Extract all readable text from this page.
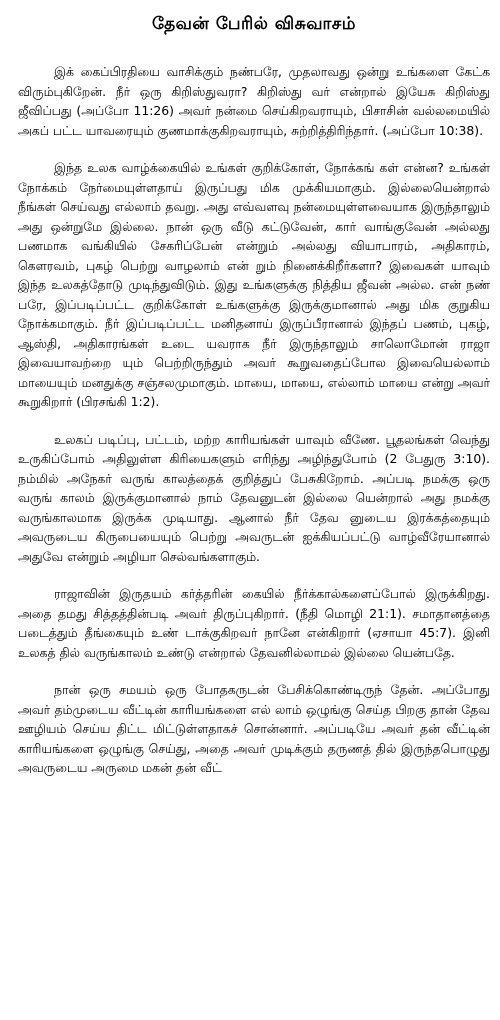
தேவன் பேரில் விசுவாசம்

இக் கைப்பிரதியை வாசிக்கும் நண்பரே, முதலாவது ஒன்று உங்களை கேட்க விரும்புகிறேன். நீர் ஒரு கிறிஸ்துவரா? கிறிஸ்து வர் என்றால் இயேசு கிறிஸ்து ஜீவிப்பது (அப்போ 11:26) அவர் நன்மை செய்கிறவராயும், பிசாசின் வல்லமையில் அகப் பட்ட யாவரையும் குணமாக்குகிறவராயும், சுற்றித்திரிந்தார். (அப்போ 10:38).

இந்த உலக வாழ்க்கையில் உங்கள் குறிக்கோள், நோக்கங் கள் என்ன? உங்கள் நோக்கம் நேர்மையுள்ளதாய் இருப்பது மிக முக்கியமாகும். இல்லையென்றால் நீங்கள் செய்வது எல்லாம் தவறு. அது எவ்வளவு நன்மையுள்ளவையாக இருந்தாலும் அது ஒன்றுமே இல்லை. நான் ஒரு வீடு கட்டுவேன், கார் வாங்குவேன் அல்லது பணமாக வங்கியில் சேகரிப்பேன் என்றும் அல்லது வியாபாரம், அதிகாரம், கௌரவம், புகழ் பெற்று வாழலாம் என் றும் நினைக்கிறீர்களா? இவைகள் யாவும் இந்த உலகத்தோடு முடிந்துவிடும். இது உங்களுக்கு நித்திய ஜீவன் அல்ல. என் நண் பரே, இப்படிப்பட்ட குறிக்கோள் உங்களுக்கு இருக்குமானால் அது மிக குறுகிய நோக்கமாகும். நீர் இப்படிப்பட்ட மனிதனாய் இருப்பீரானால் இந்தப் பணம், புகழ், ஆஸ்தி, அதிகாரங்கள் உடை யவராக நீர் இருந்தாலும் சாலொமோன் ராஜா இவையாவற்றை யும் பெற்றிருந்தும் அவர் கூறுவதைப்போல இவையெல்லாம் மாயையும் மனதுக்கு சஞ்சலமுமாகும். மாயை, மாயை, எல்லாம் மாயை என்று அவர் கூறுகிறார் (பிரசங்கி 1:2).

உலகப் படிப்பு, பட்டம், மற்ற காரியங்கள் யாவும் வீணே. பூதலங்கள் வெந்து உருகிப்போம் அதிலுள்ள கிரியைகளும் எரிந்து அழிந்துபோம் (2 பேதுரு 3:10). நம்மில் அநேகர் வருங் காலத்தைக் குறித்துப் பேசுகிறோம். அப்படி நமக்கு ஒரு வருங் காலம் இருக்குமானால் நாம் தேவனுடன் இல்லை யென்றால் அது நமக்கு வருங்காலமாக இருக்க முடியாது. ஆனால் நீர் தேவ னுடைய இரக்கத்தையும் அவருடைய கிருபையையும் பெற்று அவருடன் ஐக்கியப்பட்டு வாழ்வீரேயானால் அதுவே என்றும் அழியா செல்வங்களாகும்.

ராஜாவின் இருதயம் கர்த்தரின் கையில் நீர்க்கால்களைப்போல் இருக்கிறது. அதை தமது சித்தத்தின்படி அவர் திருப்புகிறார். (நீதி மொழி 21:1). சமாதானத்தை படைத்தும் தீங்கையும் உண் டாக்குகிறவர் நானே என்கிறார் (ஏசாயா 45:7). இனி உலகத் தில் வருங்காலம் உண்டு என்றால் தேவனில்லாமல் இல்லை யென்பதே.

நான் ஒரு சமயம் ஒரு போதகருடன் பேசிக்கொண்டிருந் தேன். அப்போது அவர் தம்முடைய வீட்டின் காரியங்களை எல் லாம் ஒழுங்கு செய்த பிறகு தான் தேவ ஊழியம் செய்ய திட்ட மிட்டுள்ளதாகச் சொன்னார். அப்படியே அவர் தன் வீட்டின் காரியங்களை ஒழுங்கு செய்து, அதை அவர் முடிக்கும் தருணத் தில் இருந்தபொழுது அவருடைய அருமை மகன் தன் வீட்
